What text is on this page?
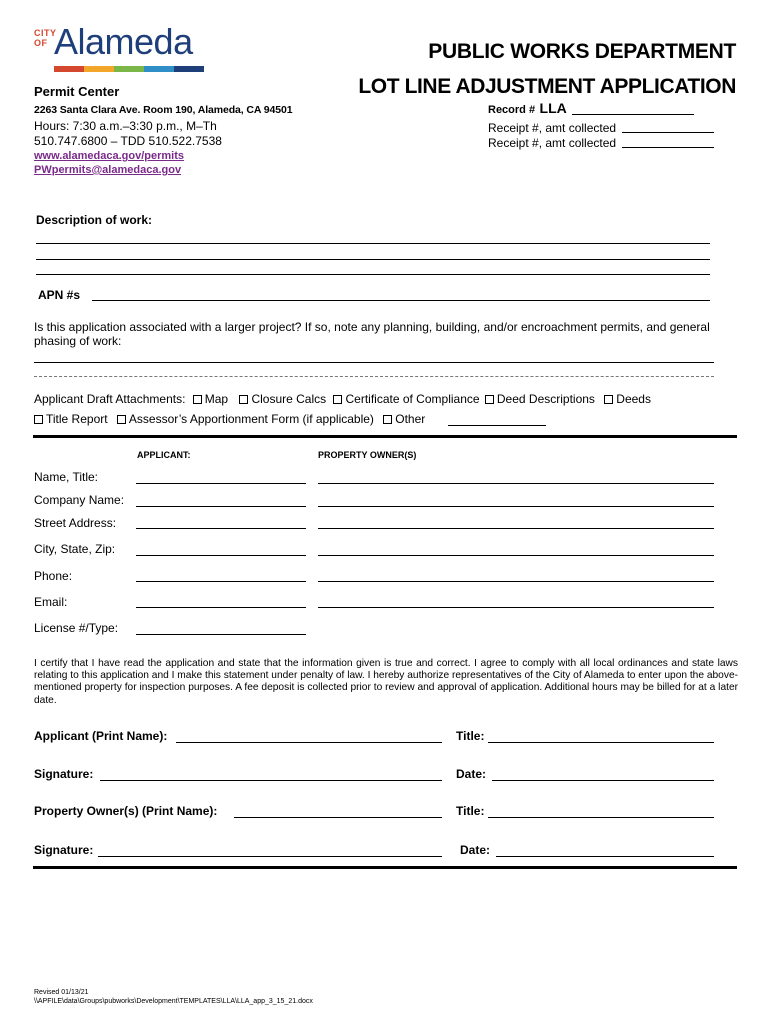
CITY OF Alameda	PUBLIC WORKS DEPARTMENT
LOT LINE ADJUSTMENT APPLICATION
Permit Center
2263 Santa Clara Ave. Room 190, Alameda, CA 94501
Hours: 7:30 a.m.–3:30 p.m., M–Th
510.747.6800 – TDD 510.522.7538
www.alamedaca.gov/permits
PWpermits@alamedaca.gov
Record # LLA
Receipt #, amt collected
Receipt #, amt collected
Description of work:
APN #s
Is this application associated with a larger project? If so, note any planning, building, and/or encroachment permits, and general phasing of work:
Applicant Draft Attachments: Map Closure Calcs Certificate of Compliance Deed Descriptions Deeds
Title Report Assessor’s Apportionment Form (if applicable) Other
APPLICANT:	PROPERTY OWNER(S)
Name, Title:
Company Name:
Street Address:
City, State, Zip:
Phone:
Email:
License #/Type:
I certify that I have read the application and state that the information given is true and correct. I agree to comply with all local ordinances and state laws relating to this application and I make this statement under penalty of law. I hereby authorize representatives of the City of Alameda to enter upon the above-mentioned property for inspection purposes. A fee deposit is collected prior to review and approval of application. Additional hours may be billed for at a later date.
Applicant (Print Name):	Title:
Signature:	Date:
Property Owner(s) (Print Name):	Title:
Signature:	Date:
Revised 01/13/21
\\APFILE\data\Groups\pubworks\Development\TEMPLATES\LLA\LLA_app_3_15_21.docx
